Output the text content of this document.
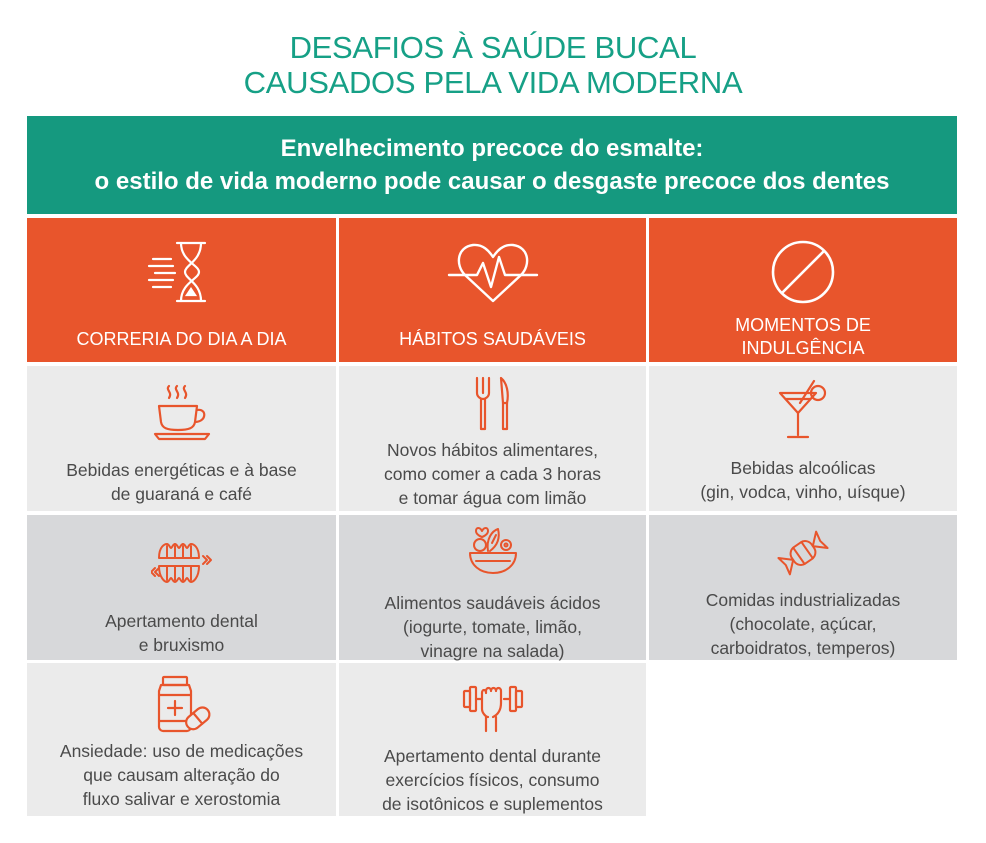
DESAFIOS À SAÚDE BUCAL
CAUSADOS PELA VIDA MODERNA
Envelhecimento precoce do esmalte:
o estilo de vida moderno pode causar o desgaste precoce dos dentes
CORRERIA DO DIA A DIA	HÁBITOS SAUDÁVEIS
MOMENTOS DE
INDULGÊNCIA
Bebidas energéticas e à base
de guaraná e café
Novos hábitos alimentares,
como comer a cada 3 horas
e tomar água com limão
Bebidas alcoólicas
(gin, vodca, vinho, uísque)
Apertamento dental
e bruxismo
Alimentos saudáveis ácidos
(iogurte, tomate, limão,
vinagre na salada)
Comidas industrializadas
(chocolate, açúcar,
carboidratos, temperos)
Ansiedade: uso de medicações
que causam alteração do
fluxo salivar e xerostomia
Apertamento dental durante
exercícios físicos, consumo
de isotônicos e suplementos
